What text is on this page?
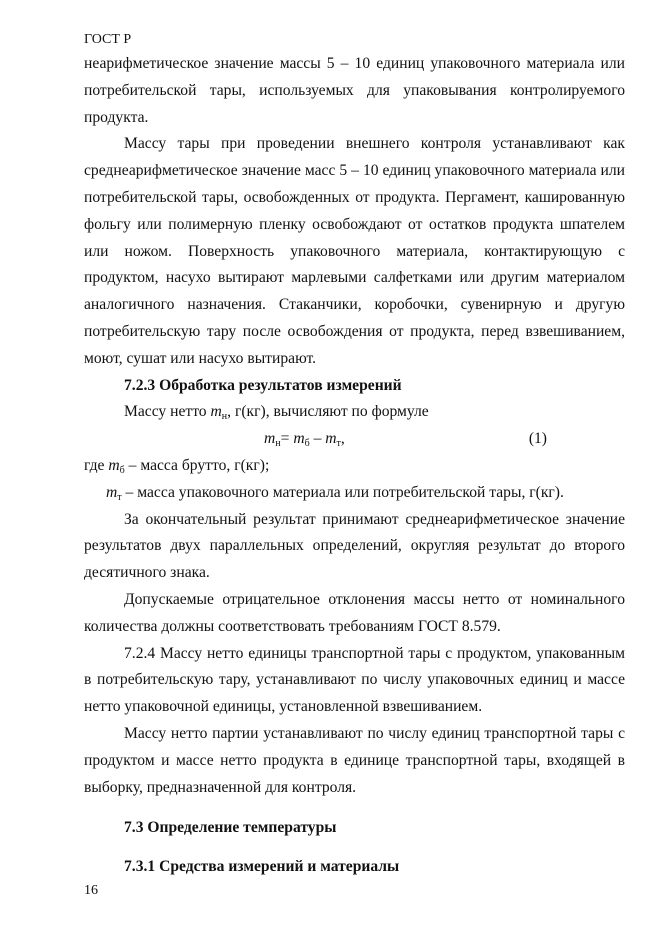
ГОСТ Р

неарифметическое значение массы 5 – 10 единиц упаковочного материала или потребительской тары, используемых для упаковывания контролируемого продукта.

Массу тары при проведении внешнего контроля устанавливают как среднеарифметическое значение масс 5 – 10 единиц упаковочного материала или потребительской тары, освобожденных от продукта. Пергамент, кашированную фольгу или полимерную пленку освобождают от остатков продукта шпателем или ножом. Поверхность упаковочного материала, контактирующую с продуктом, насухо вытирают марлевыми салфетками или другим материалом аналогичного назначения. Стаканчики, коробочки, сувенирную и другую потребительскую тару после освобождения от продукта, перед взвешиванием, моют, сушат или насухо вытирают.

7.2.3 Обработка результатов измерений

Массу нетто $m_н$, г(кг), вычисляют по формуле

$m_н= m_б - m_т$,	(1)

где $m_б$ – масса брутто, г(кг);

$m_т$ – масса упаковочного материала или потребительской тары, г(кг).

За окончательный результат принимают среднеарифметическое значение результатов двух параллельных определений, округляя результат до второго десятичного знака.

Допускаемые отрицательное отклонения массы нетто от номинального количества должны соответствовать требованиям ГОСТ 8.579.

7.2.4 Массу нетто единицы транспортной тары с продуктом, упакованным в потребительскую тару, устанавливают по числу упаковочных единиц и массе нетто упаковочной единицы, установленной взвешиванием.

Массу нетто партии устанавливают по числу единиц транспортной тары с продуктом и массе нетто продукта в единице транспортной тары, входящей в выборку, предназначенной для контроля.

7.3 Определение температуры
7.3.1 Средства измерений и материалы
16
